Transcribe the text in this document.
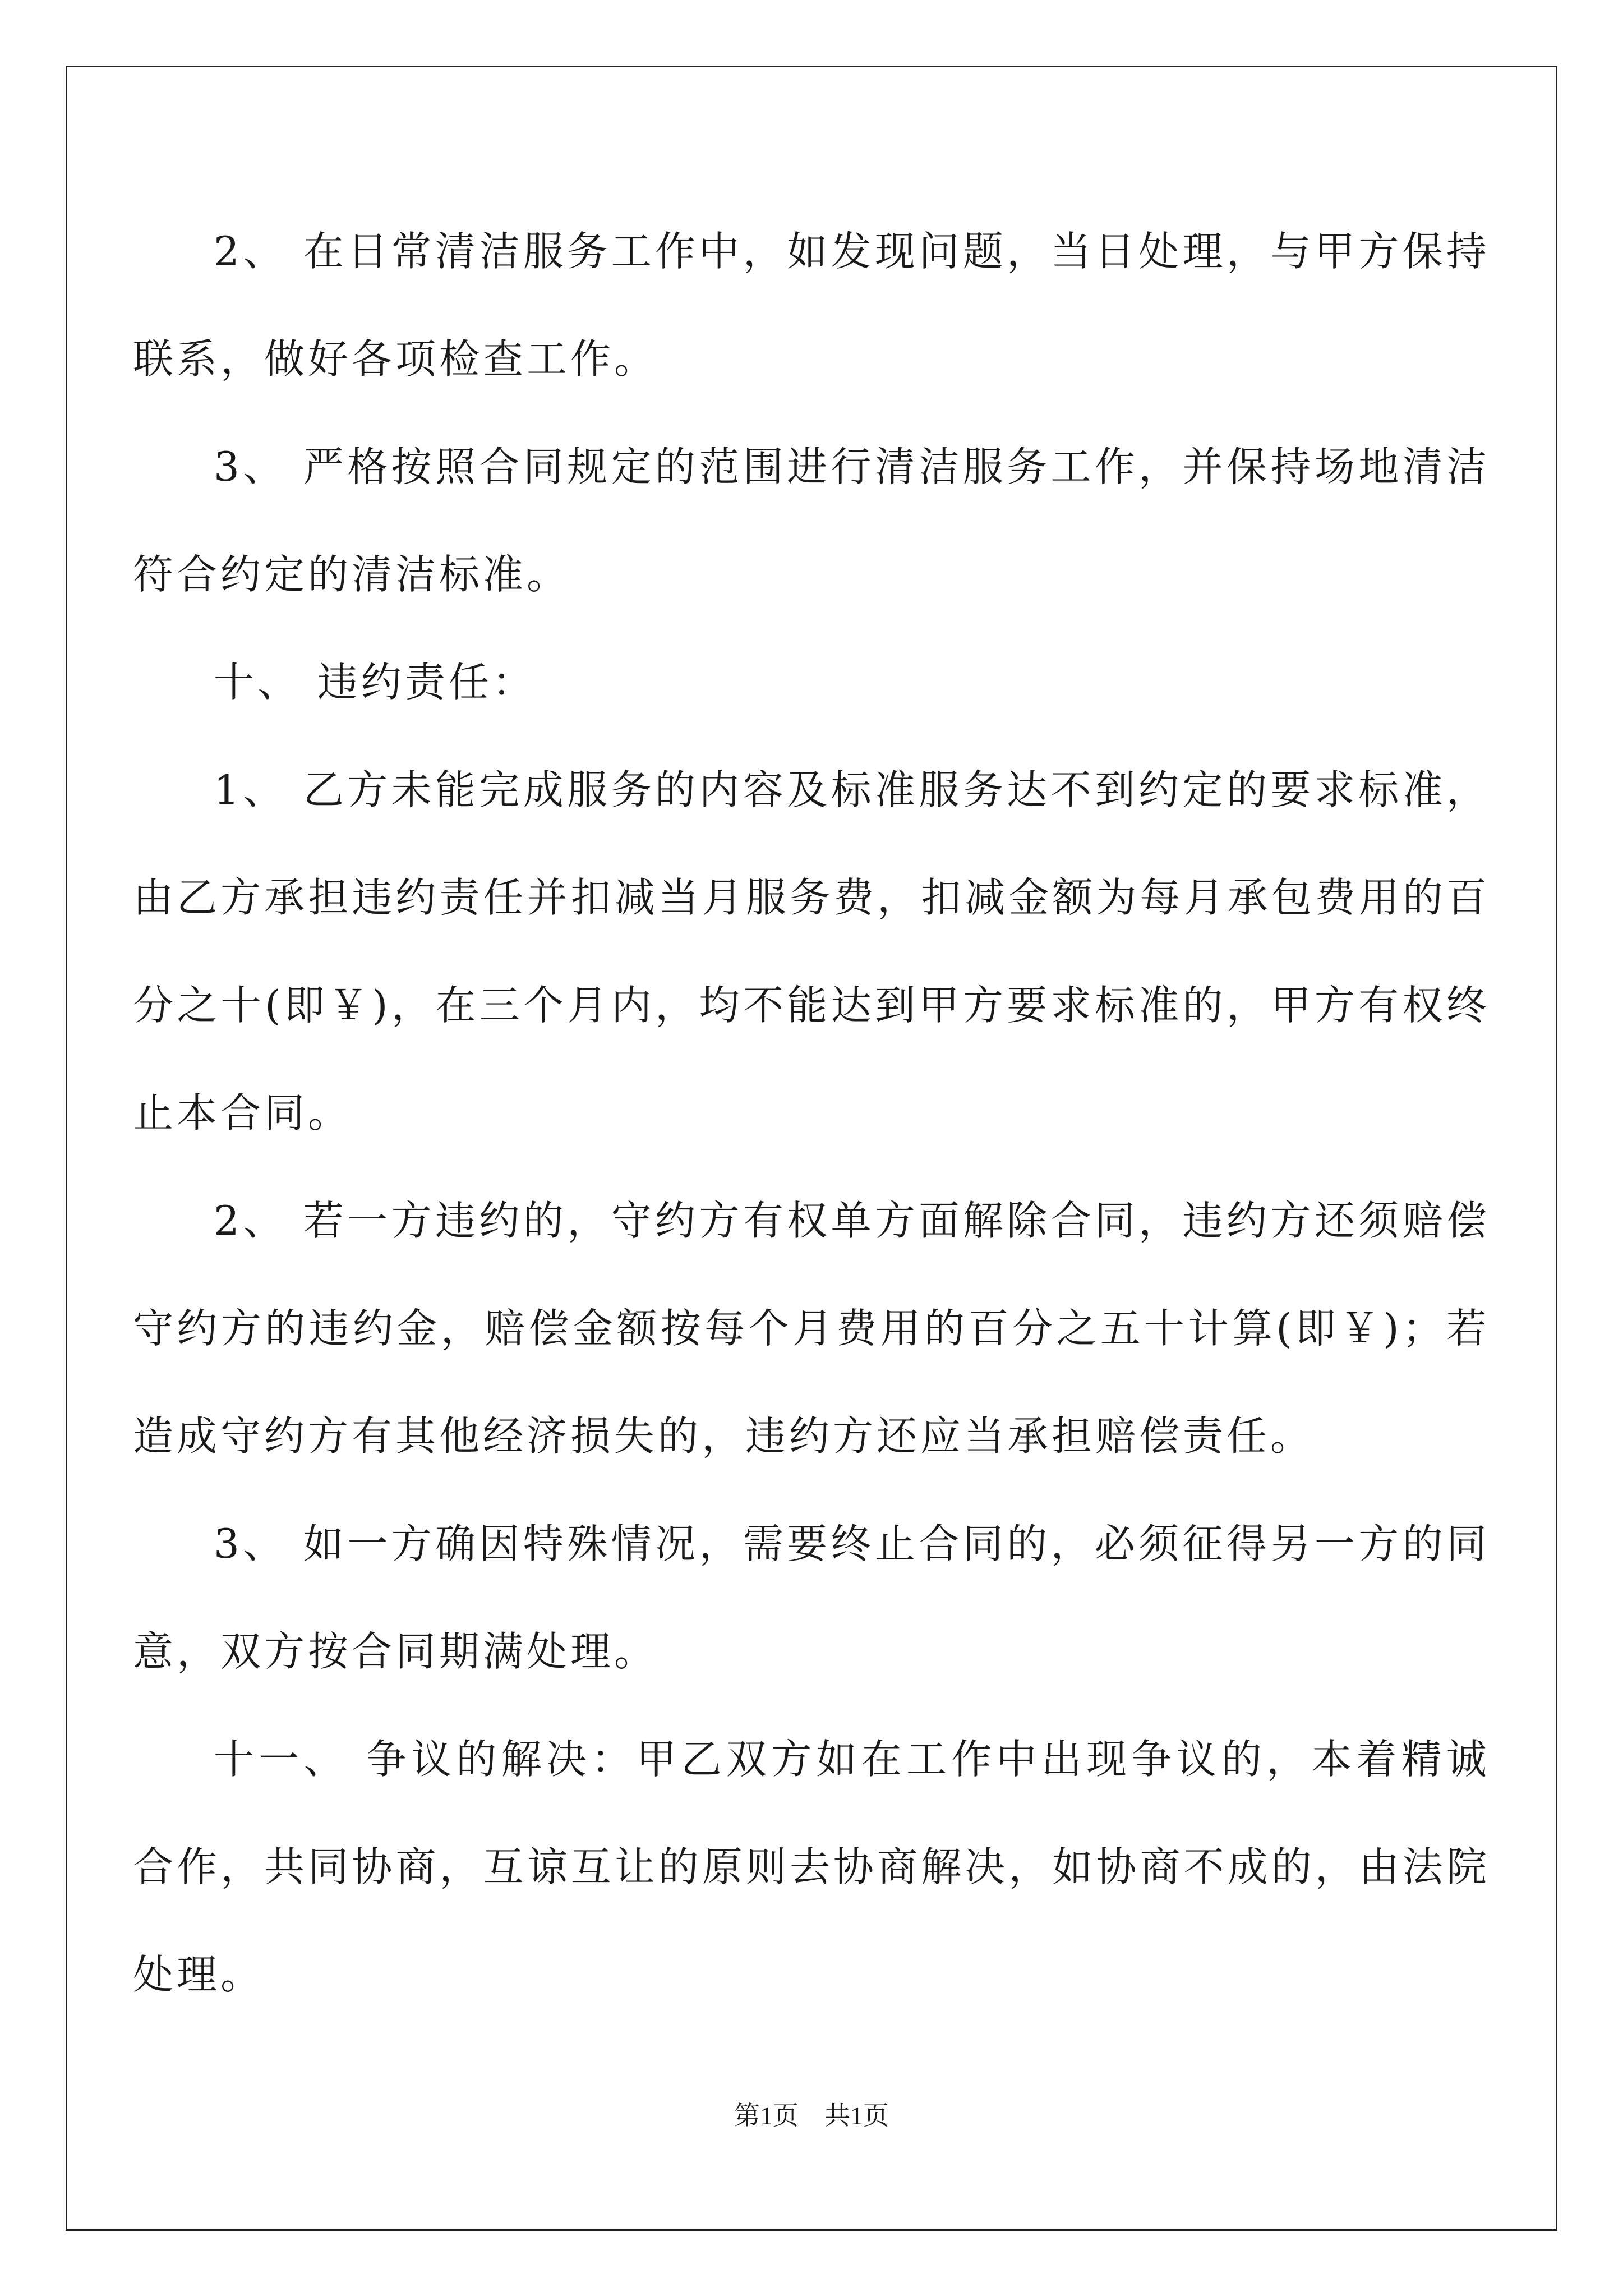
2、 在日常清洁服务工作中，如发现问题，当日处理，与甲方保持联系，做好各项检查工作。

3、 严格按照合同规定的范围进行清洁服务工作，并保持场地清洁符合约定的清洁标准。

十、 违约责任：

1、 乙方未能完成服务的内容及标准服务达不到约定的要求标准，由乙方承担违约责任并扣减当月服务费，扣减金额为每月承包费用的百分之十(即￥)，在三个月内，均不能达到甲方要求标准的，甲方有权终止本合同。

2、 若一方违约的，守约方有权单方面解除合同，违约方还须赔偿守约方的违约金，赔偿金额按每个月费用的百分之五十计算(即￥)；若造成守约方有其他经济损失的，违约方还应当承担赔偿责任。

3、 如一方确因特殊情况，需要终止合同的，必须征得另一方的同意，双方按合同期满处理。

十一、 争议的解决：甲乙双方如在工作中出现争议的，本着精诚合作，共同协商，互谅互让的原则去协商解决，如协商不成的，由法院处理。

第1页 共1页
